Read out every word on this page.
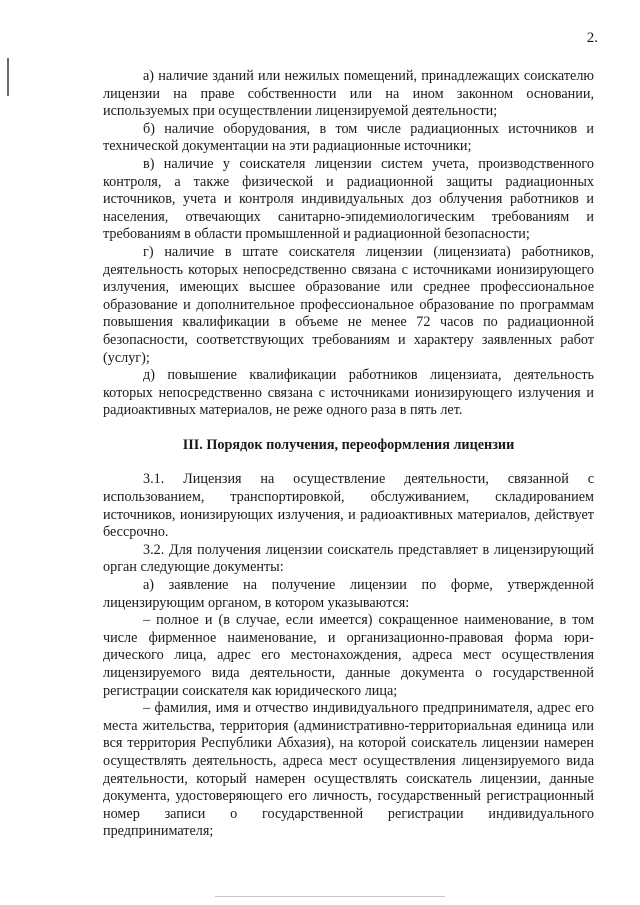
2.

а) наличие зданий или нежилых помещений, принадлежащих соискателю лицензии на праве собственности или на ином законном основании, используемых при осуществлении лицензируемой деятельности;

б) наличие оборудования, в том числе радиационных источников и технической документации на эти радиационные источники;

в) наличие у соискателя лицензии систем учета, производственного контроля, а также физической и радиационной защиты радиационных источников, учета и контроля индивидуальных доз облучения работников и населения, отвечающих санитарно-эпидемиологическим требованиям и требованиям в области промышленной и радиационной безопасности;

г) наличие в штате соискателя лицензии (лицензиата) работников, деятельность которых непосредственно связана с источниками ионизирующего излучения, имеющих высшее образование или среднее профессиональное образование и дополнительное профессиональное образование по программам повышения квалификации в объеме не менее 72 часов по радиационной безопасности, соответствующих требованиям и характеру заявленных работ (услуг);

д) повышение квалификации работников лицензиата, деятельность которых непосредственно связана с источниками ионизирующего излучения и радиоактивных материалов, не реже одного раза в пять лет.

III. Порядок получения, переоформления лицензии

3.1. Лицензия на осуществление деятельности, связанной с использованием, транспортировкой, обслуживанием, складированием источников, ионизирующих излучения, и радиоактивных материалов, действует бессрочно.

3.2. Для получения лицензии соискатель представляет в лицензирующий орган следующие документы:

а) заявление на получение лицензии по форме, утвержденной лицензирующим органом, в котором указываются:

– полное и (в случае, если имеется) сокращенное наименование, в том числе фирменное наименование, и организационно-правовая форма юри-дического лица, адрес его местонахождения, адреса мест осуществления лицензируемого вида деятельности, данные документа о государственной регистрации соискателя как юридического лица;

– фамилия, имя и отчество индивидуального предпринимателя, адрес его места жительства, территория (административно-территориальная единица или вся территория Республики Абхазия), на которой соискатель лицензии намерен осуществлять деятельность, адреса мест осуществления лицензируемого вида деятельности, который намерен осуществлять соискатель лицензии, данные документа, удостоверяющего его личность, государственный регистрационный номер записи о государственной регистрации индивидуального предпринимателя;
